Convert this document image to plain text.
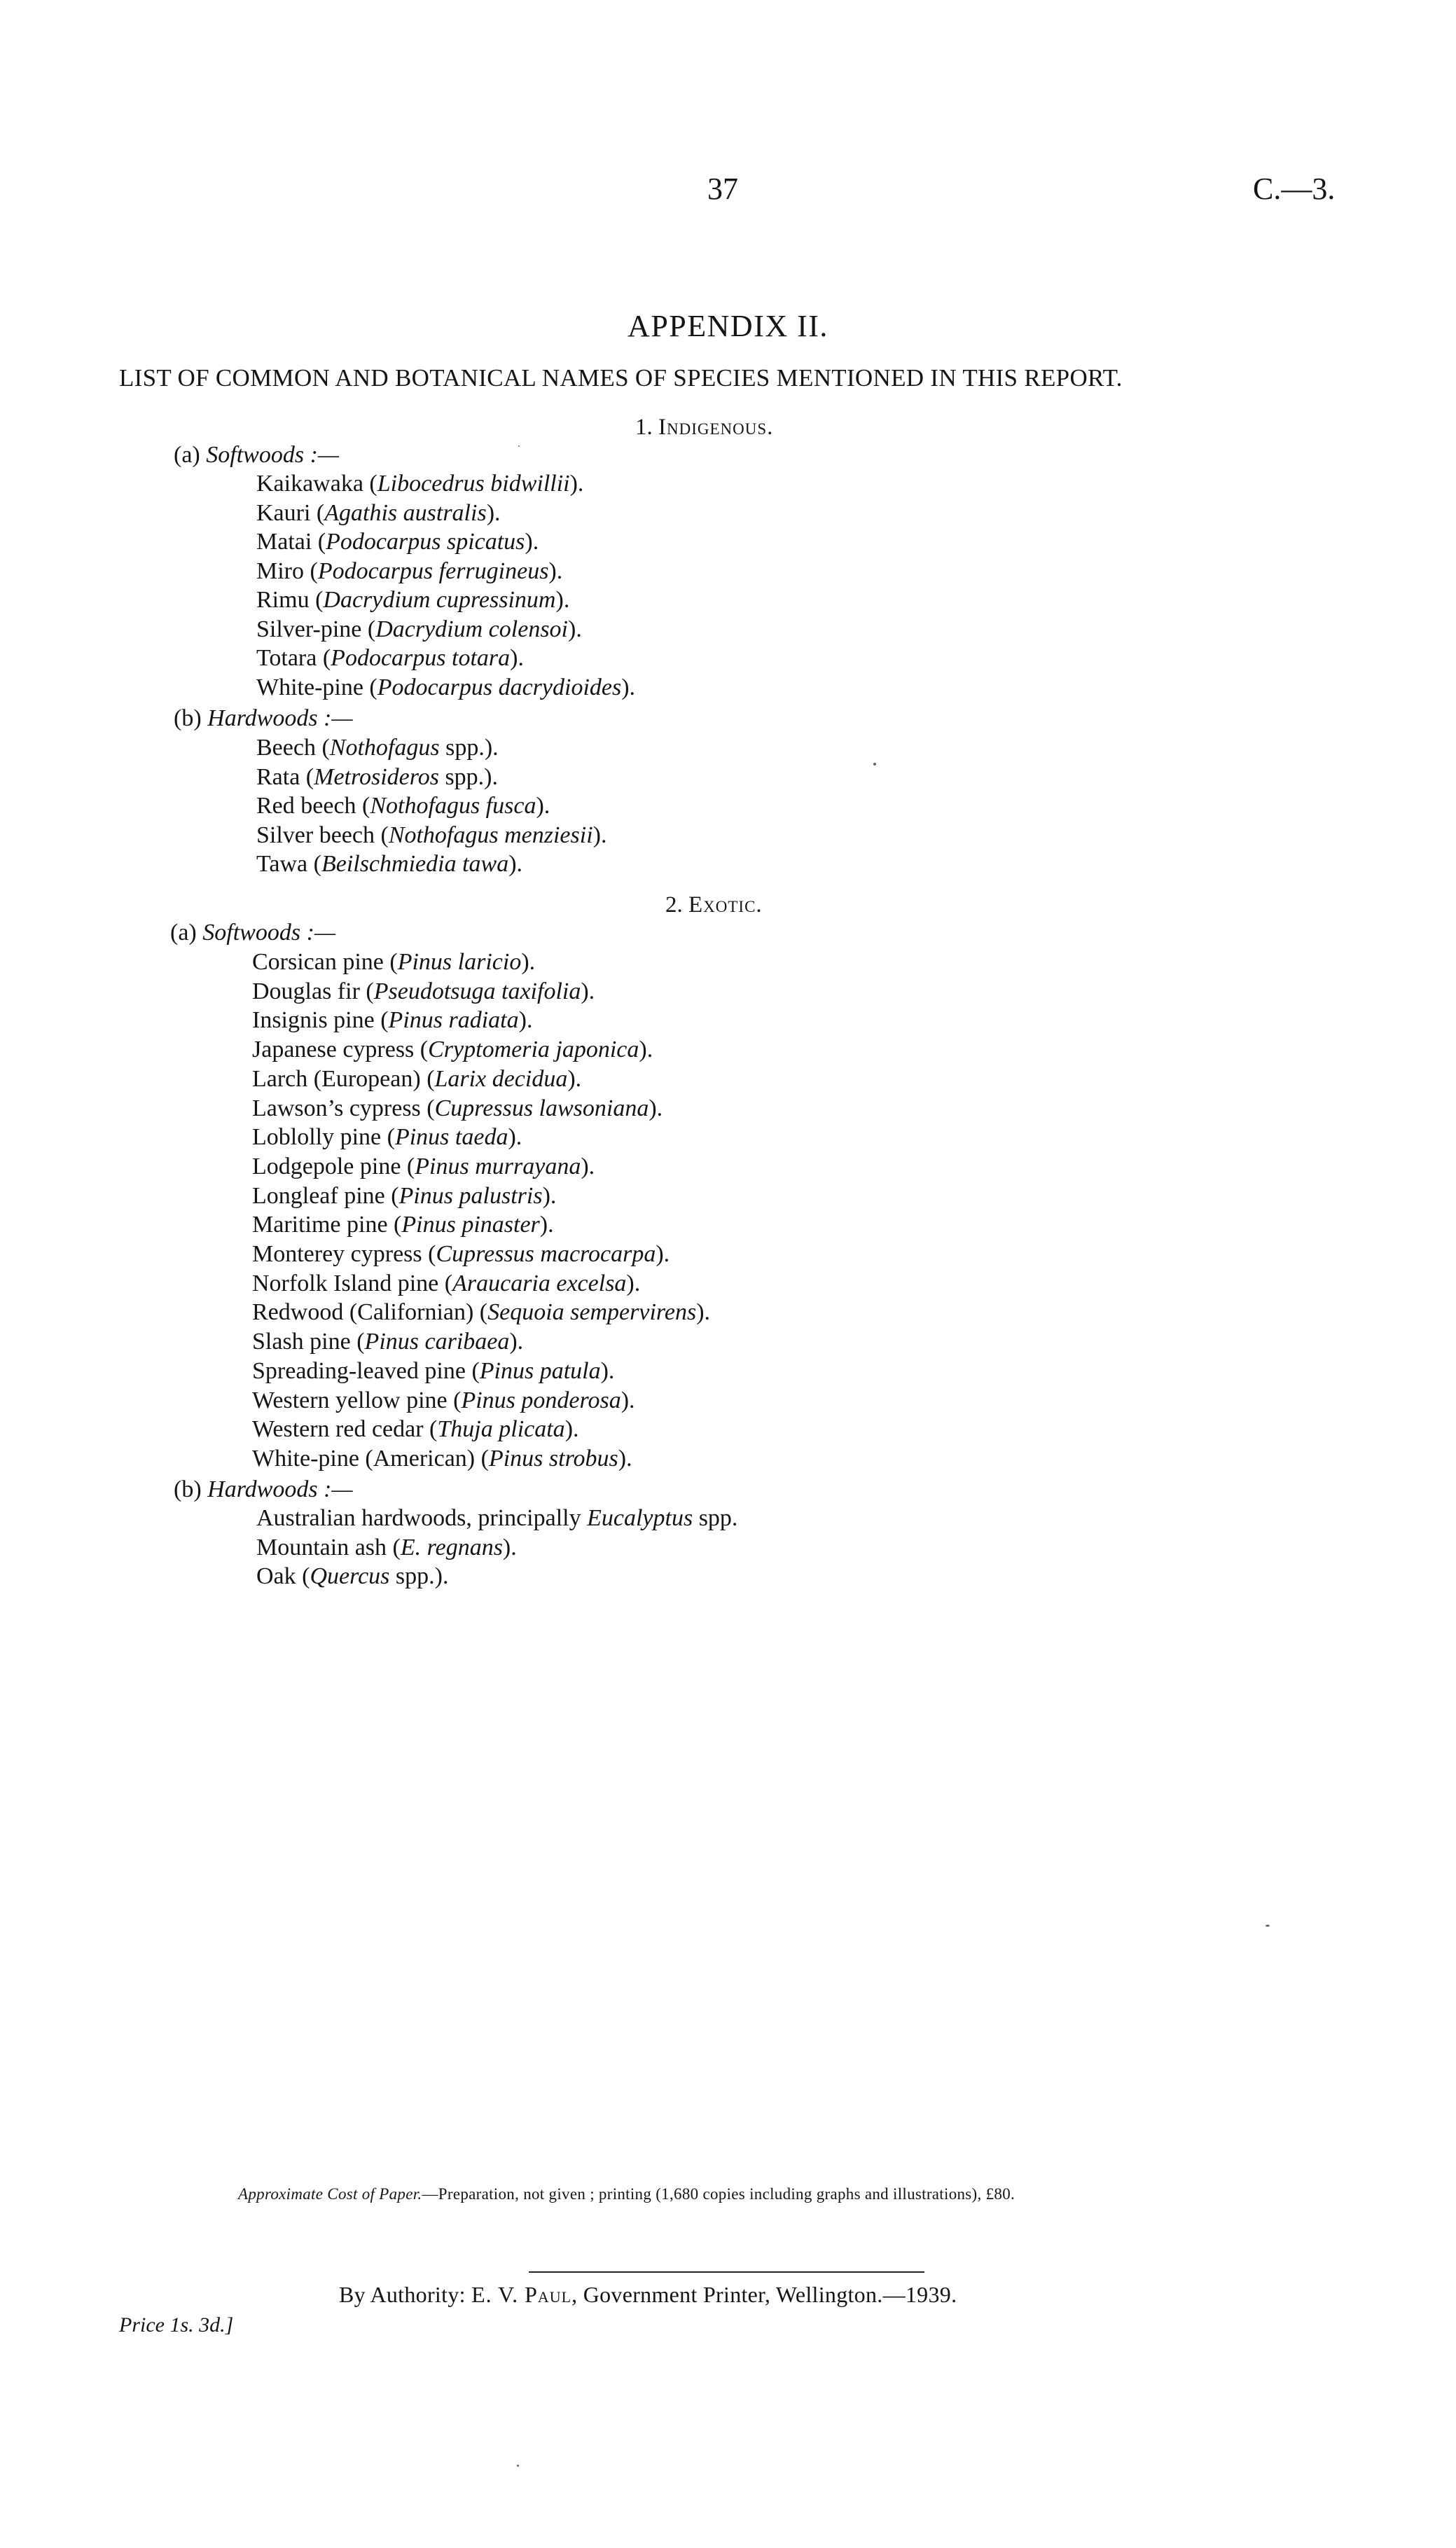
37	C.—3.
APPENDIX II.
LIST OF COMMON AND BOTANICAL NAMES OF SPECIES MENTIONED IN THIS REPORT.
1. Indigenous.
(a) Softwoods :—
Kaikawaka (Libocedrus bidwillii).
Kauri (Agathis australis).
Matai (Podocarpus spicatus).
Miro (Podocarpus ferrugineus).
Rimu (Dacrydium cupressinum).
Silver-pine (Dacrydium colensoi).
Totara (Podocarpus totara).
White-pine (Podocarpus dacrydioides).
(b) Hardwoods :—
Beech (Nothofagus spp.).
Rata (Metrosideros spp.).
Red beech (Nothofagus fusca).
Silver beech (Nothofagus menziesii).
Tawa (Beilschmiedia tawa).
2. Exotic.
(a) Softwoods :—
Corsican pine (Pinus laricio).
Douglas fir (Pseudotsuga taxifolia).
Insignis pine (Pinus radiata).
Japanese cypress (Cryptomeria japonica).
Larch (European) (Larix decidua).
Lawson’s cypress (Cupressus lawsoniana).
Loblolly pine (Pinus taeda).
Lodgepole pine (Pinus murrayana).
Longleaf pine (Pinus palustris).
Maritime pine (Pinus pinaster).
Monterey cypress (Cupressus macrocarpa).
Norfolk Island pine (Araucaria excelsa).
Redwood (Californian) (Sequoia sempervirens).
Slash pine (Pinus caribaea).
Spreading-leaved pine (Pinus patula).
Western yellow pine (Pinus ponderosa).
Western red cedar (Thuja plicata).
White-pine (American) (Pinus strobus).
(b) Hardwoods :—
Australian hardwoods, principally Eucalyptus spp.
Mountain ash (E. regnans).
Oak (Quercus spp.).
Approximate Cost of Paper.—Preparation, not given ; printing (1,680 copies including graphs and illustrations), £80.
By Authority: E. V. Paul, Government Printer, Wellington.—1939.
Price 1s. 3d.]
